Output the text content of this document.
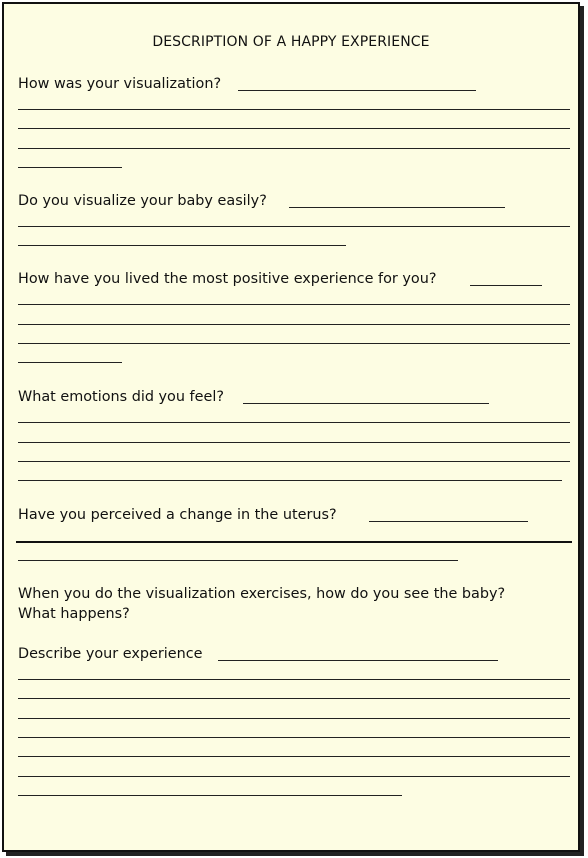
DESCRIPTION OF A HAPPY EXPERIENCE
How was your visualization?
Do you visualize your baby easily?
How have you lived the most positive experience for you?
What emotions did you feel?
Have you perceived a change in the uterus?
When you do the visualization exercises, how do you see the baby?
What happens?
Describe your experience
